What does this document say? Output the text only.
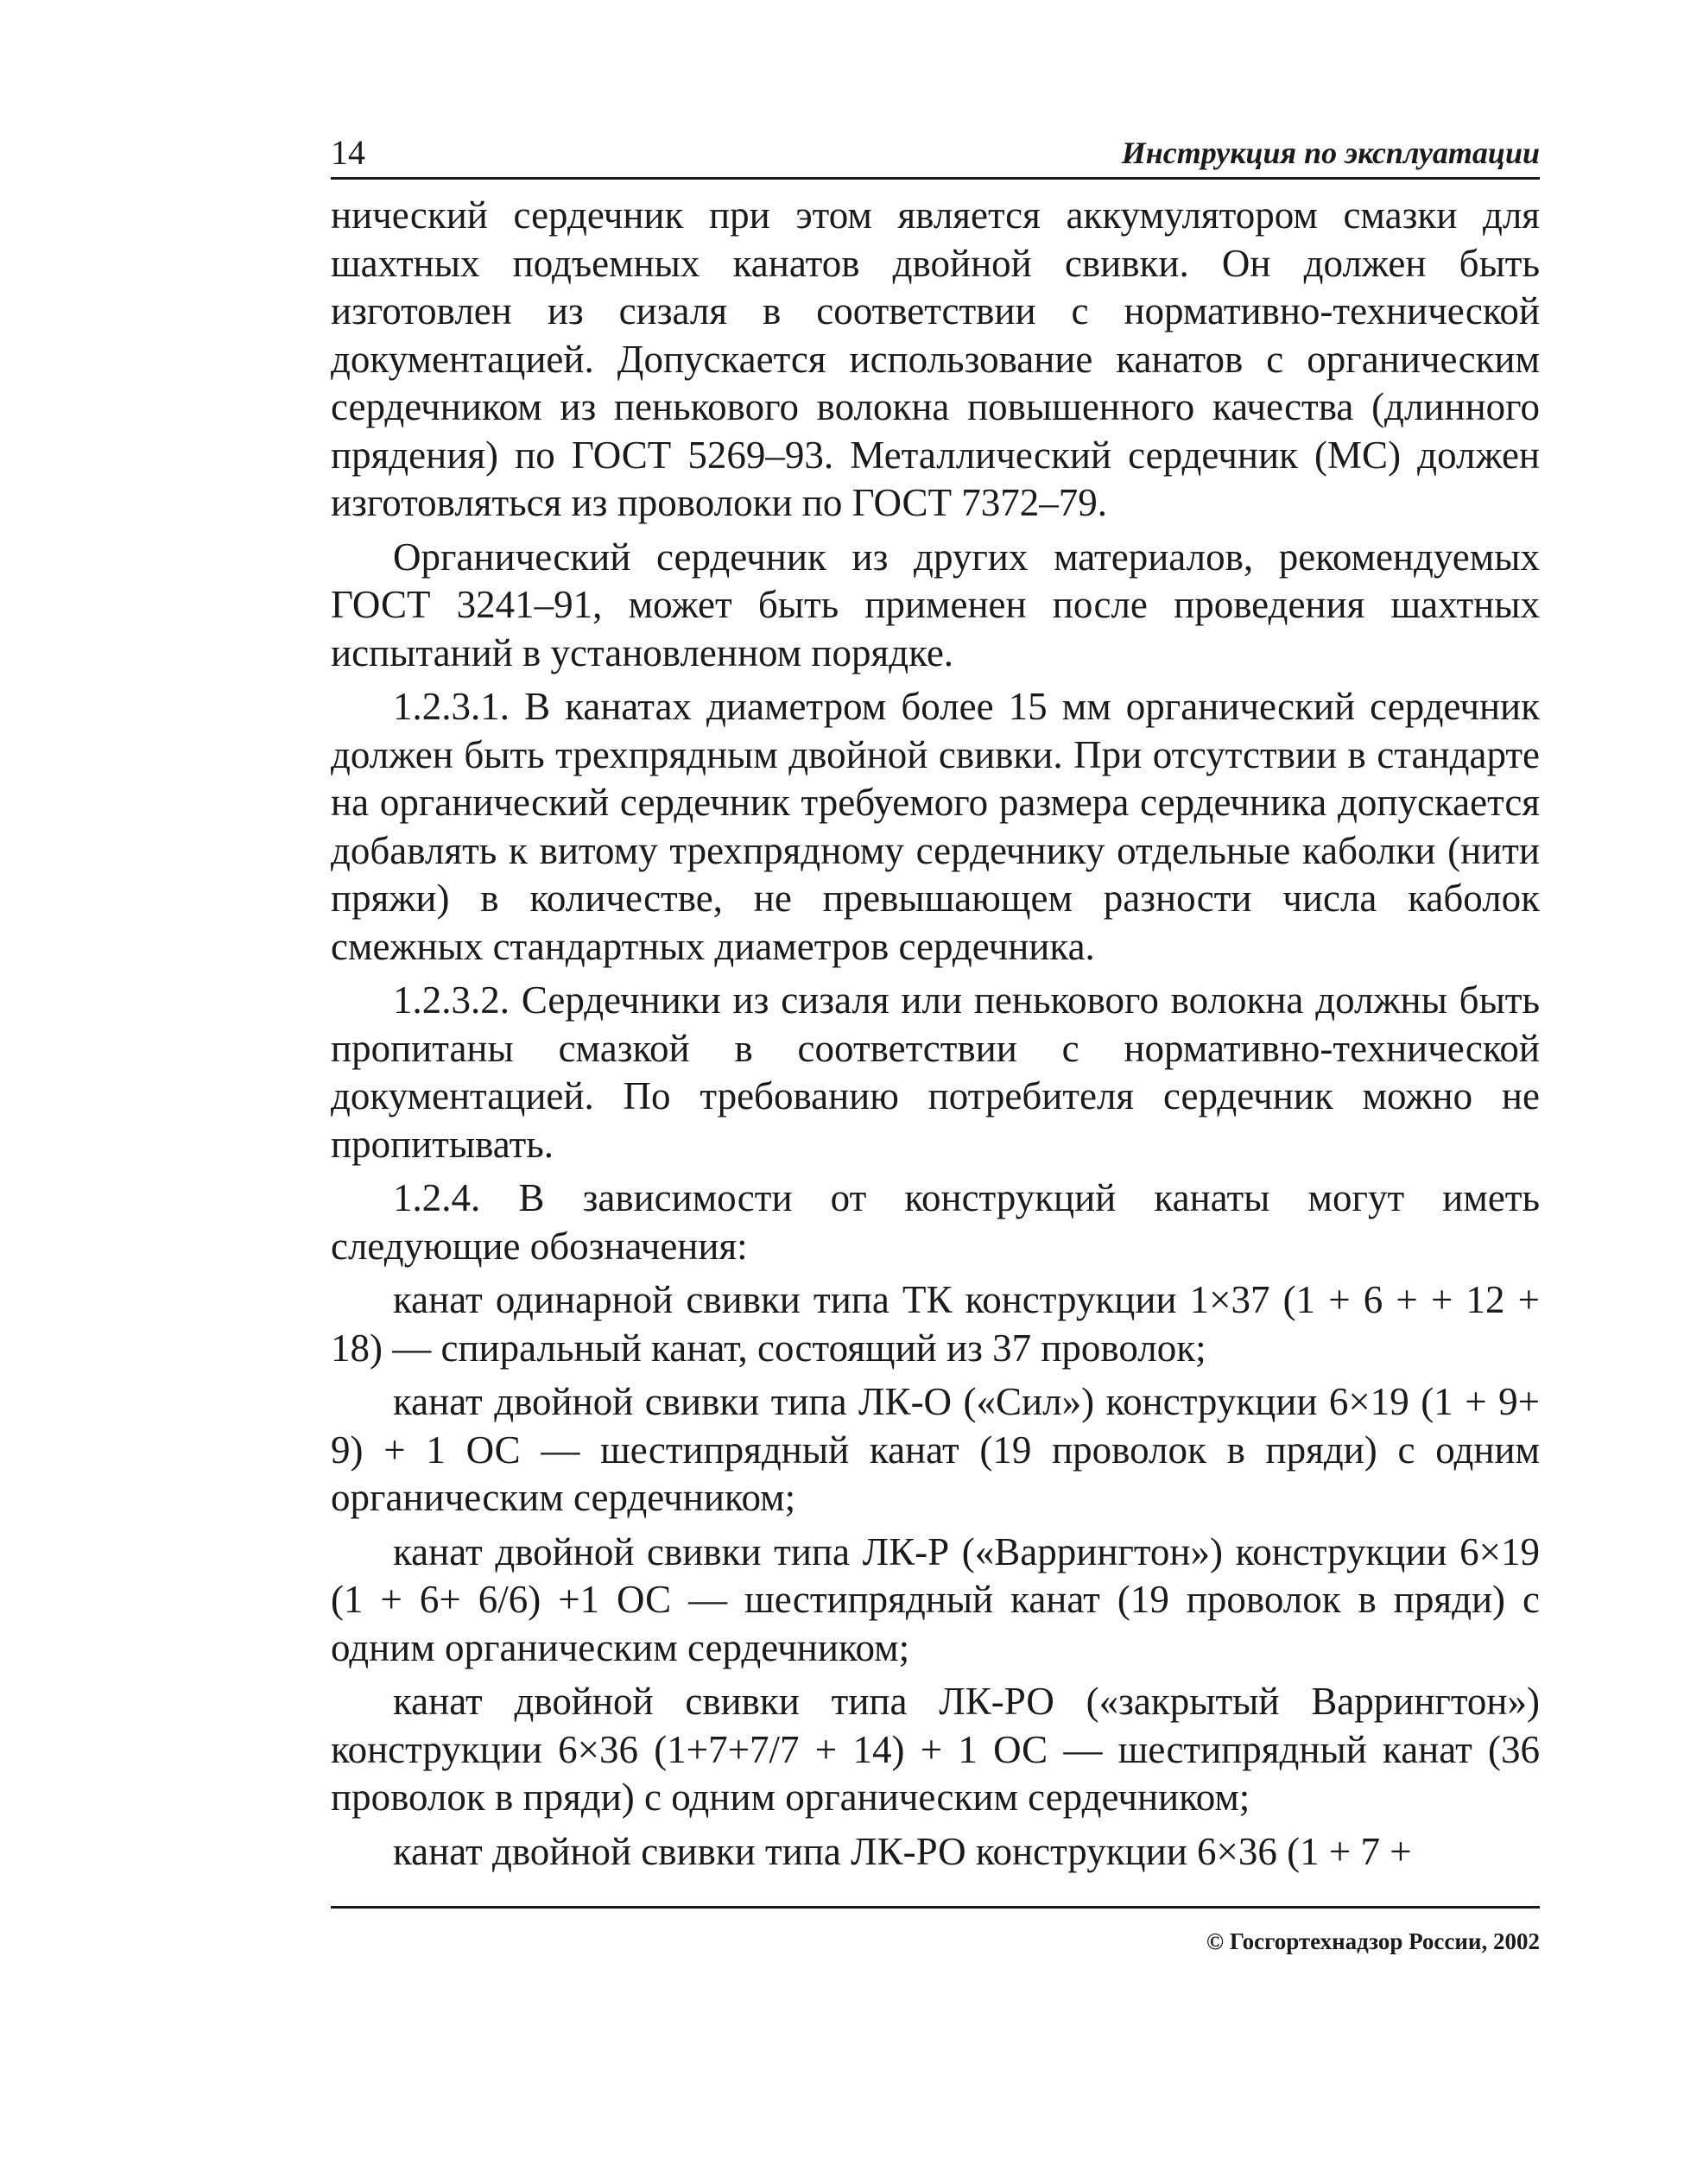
14	Инструкция по эксплуатации

нический сердечник при этом является аккумулятором смазки для шахтных подъемных канатов двойной свивки. Он должен быть изготовлен из сизаля в соответствии с нормативно-технической документацией. Допускается использование канатов с органическим сердечником из пенькового волокна повышенного качества (длинного прядения) по ГОСТ 5269–93. Металлический сердечник (МС) должен изготовляться из проволоки по ГОСТ 7372–79.

Органический сердечник из других материалов, рекомендуемых ГОСТ 3241–91, может быть применен после проведения шахтных испытаний в установленном порядке.

1.2.3.1. В канатах диаметром более 15 мм органический сердечник должен быть трехпрядным двойной свивки. При отсутствии в стандарте на органический сердечник требуемого размера сердечника допускается добавлять к витому трехпрядному сердечнику отдельные каболки (нити пряжи) в количестве, не превышающем разности числа каболок смежных стандартных диаметров сердечника.

1.2.3.2. Сердечники из сизаля или пенькового волокна должны быть пропитаны смазкой в соответствии с нормативно-технической документацией. По требованию потребителя сердечник можно не пропитывать.

1.2.4. В зависимости от конструкций канаты могут иметь следующие обозначения:

канат одинарной свивки типа ТК конструкции 1×37 (1 + 6 + + 12 + 18) — спиральный канат, состоящий из 37 проволок;

канат двойной свивки типа ЛК-О («Сил») конструкции 6×19 (1 + 9+ 9) + 1 ОС — шестипрядный канат (19 проволок в пряди) с одним органическим сердечником;

канат двойной свивки типа ЛК-Р («Варрингтон») конструкции 6×19 (1 + 6+ 6/6) +1 ОС — шестипрядный канат (19 проволок в пряди) с одним органическим сердечником;

канат двойной свивки типа ЛК-РО («закрытый Варрингтон») конструкции 6×36 (1+7+7/7 + 14) + 1 ОС — шестипрядный канат (36 проволок в пряди) с одним органическим сердечником;

канат двойной свивки типа ЛК-РО конструкции 6×36 (1 + 7 +

© Госгортехнадзор России, 2002
